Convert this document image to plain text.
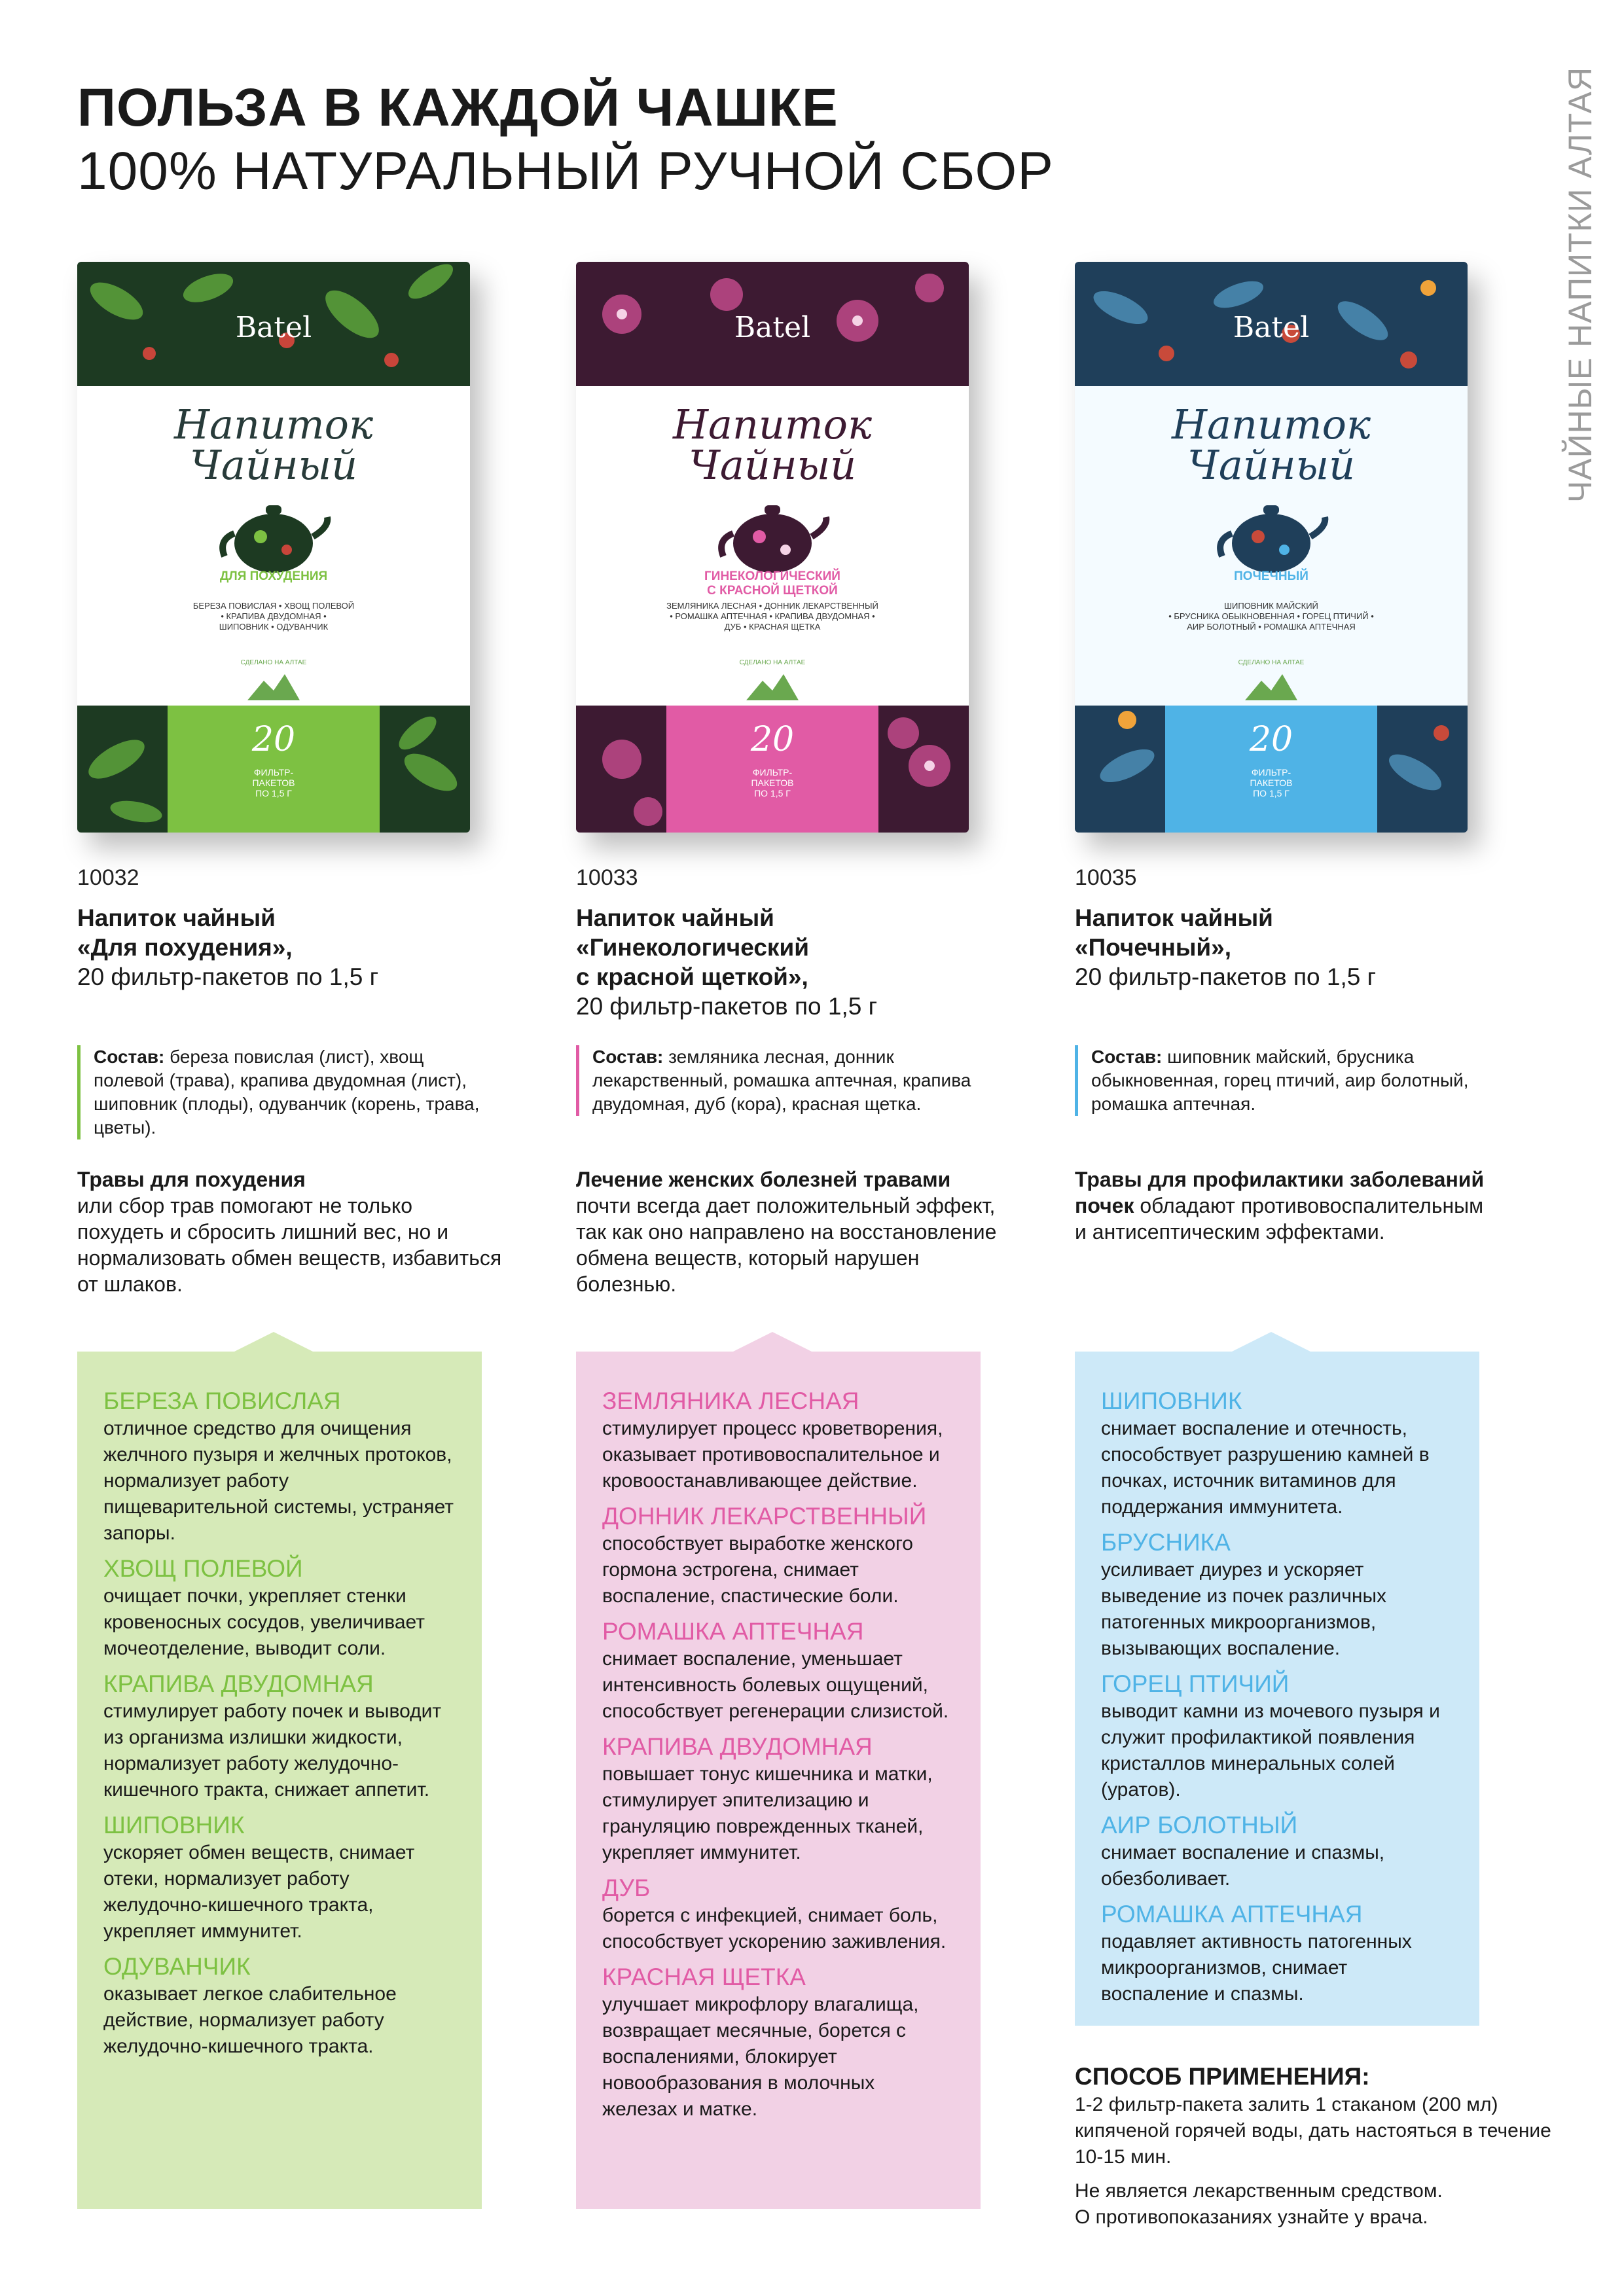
ПОЛЬЗА В КАЖДОЙ ЧАШКЕ
100% НАТУРАЛЬНЫЙ РУЧНОЙ СБОР	ЧАЙНЫЕ НАПИТКИ АЛТАЯ
Batel
Напиток
Чайный
ДЛЯ ПОХУДЕНИЯ

БЕРЕЗА ПОВИСЛАЯ • ХВОЩ ПОЛЕВОЙ
• КРАПИВА ДВУДОМНАЯ •
ШИПОВНИК • ОДУВАНЧИК
СДЕЛАНО НА АЛТАЕ
20
ФИЛЬТР-
ПАКЕТОВ
ПО 1,5 Г
10032
Напиток чайный
«Для похудения»,
20 фильтр-пакетов по 1,5 г
Состав: береза повислая (лист), хвощ полевой (трава), крапива двудомная (лист), шиповник (плоды), одуванчик (корень, трава, цветы).
Травы для похудения
или сбор трав помогают не только похудеть и сбросить лишний вес, но и нормализовать обмен веществ, избавиться от шлаков.
БЕРЕЗА ПОВИСЛАЯ
отличное средство для очищения желчного пузыря и желчных протоков, нормализует работу пищеварительной системы, устраняет запоры.
ХВОЩ ПОЛЕВОЙ
очищает почки, укрепляет стенки кровеносных сосудов, увеличивает мочеотделение, выводит соли.
КРАПИВА ДВУДОМНАЯ
стимулирует работу почек и выводит из организма излишки жидкости, нормализует работу желудочно-кишечного тракта, снижает аппетит.
ШИПОВНИК
ускоряет обмен веществ, снимает отеки, нормализует работу желудочно-кишечного тракта, укрепляет иммунитет.
ОДУВАНЧИК
оказывает легкое слабительное действие, нормализует работу желудочно-кишечного тракта.
Batel
Напиток
Чайный
ГИНЕКОЛОГИЧЕСКИЙ
С КРАСНОЙ ЩЕТКОЙ
ЗЕМЛЯНИКА ЛЕСНАЯ • ДОННИК ЛЕКАРСТВЕННЫЙ
• РОМАШКА АПТЕЧНАЯ • КРАПИВА ДВУДОМНАЯ •
ДУБ • КРАСНАЯ ЩЕТКА
СДЕЛАНО НА АЛТАЕ
20
ФИЛЬТР-
ПАКЕТОВ
ПО 1,5 Г
10033
Напиток чайный
«Гинекологический
с красной щеткой»,
20 фильтр-пакетов по 1,5 г
Состав: земляника лесная, донник лекарственный, ромашка аптечная, крапива двудомная, дуб (кора), красная щетка.
Лечение женских болезней травами почти всегда дает положительный эффект, так как оно направлено на восстановление обмена веществ, который нарушен болезнью.
ЗЕМЛЯНИКА ЛЕСНАЯ
стимулирует процесс кроветворения, оказывает противовоспалительное и кровоостанавливающее действие.
ДОННИК ЛЕКАРСТВЕННЫЙ
способствует выработке женского гормона эстрогена, снимает воспаление, спастические боли.
РОМАШКА АПТЕЧНАЯ
снимает воспаление, уменьшает интенсивность болевых ощущений, способствует регенерации слизистой.
КРАПИВА ДВУДОМНАЯ
повышает тонус кишечника и матки, стимулирует эпителизацию и грануляцию поврежденных тканей, укрепляет иммунитет.
ДУБ
борется с инфекцией, снимает боль, способствует ускорению заживления.
КРАСНАЯ ЩЕТКА
улучшает микрофлору влагалища, возвращает месячные, борется с воспалениями, блокирует новообразования в молочных железах и матке.
Batel
Напиток
Чайный
ПОЧЕЧНЫЙ

ШИПОВНИК МАЙСКИЙ
• БРУСНИКА ОБЫКНОВЕННАЯ • ГОРЕЦ ПТИЧИЙ •
АИР БОЛОТНЫЙ • РОМАШКА АПТЕЧНАЯ
СДЕЛАНО НА АЛТАЕ
20
ФИЛЬТР-
ПАКЕТОВ
ПО 1,5 Г
10035
Напиток чайный
«Почечный»,
20 фильтр-пакетов по 1,5 г
Состав: шиповник майский, брусника обыкновенная, горец птичий, аир болотный, ромашка аптечная.
Травы для профилактики заболеваний почек обладают противовоспалительным и антисептическим эффектами.
ШИПОВНИК
снимает воспаление и отечность, способствует разрушению камней в почках, источник витаминов для поддержания иммунитета.
БРУСНИКА
усиливает диурез и ускоряет выведение из почек различных патогенных микроорганизмов, вызывающих воспаление.
ГОРЕЦ ПТИЧИЙ
выводит камни из мочевого пузыря и служит профилактикой появления кристаллов минеральных солей (уратов).
АИР БОЛОТНЫЙ
снимает воспаление и спазмы, обезболивает.
РОМАШКА АПТЕЧНАЯ
подавляет активность патогенных микроорганизмов, снимает воспаление и спазмы.
СПОСОБ ПРИМЕНЕНИЯ:
1-2 фильтр-пакета залить 1 стаканом (200 мл) кипяченой горячей воды, дать настояться в течение 10-15 мин.
Не является лекарственным средством.
О противопоказаниях узнайте у врача.
